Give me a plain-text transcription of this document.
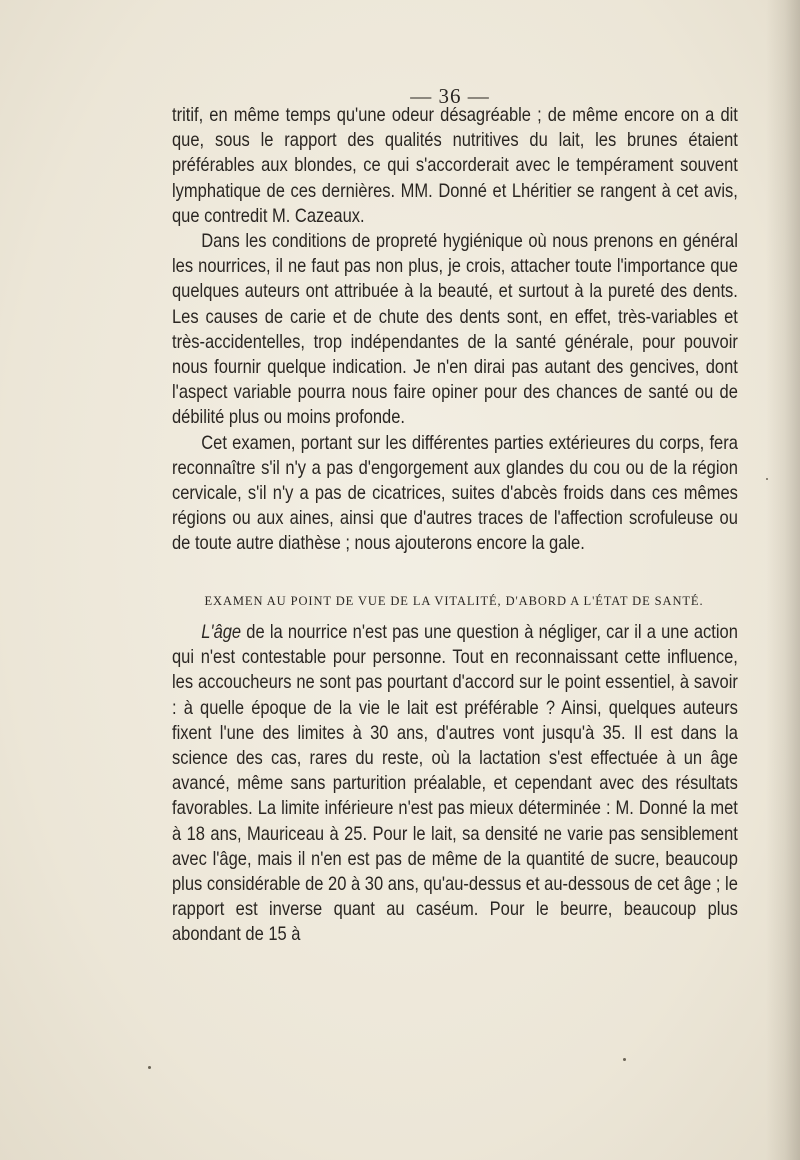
— 36 —

tritif, en même temps qu'une odeur désagréable ; de même encore on a dit que, sous le rapport des qualités nutritives du lait, les brunes étaient préférables aux blondes, ce qui s'accorderait avec le tempérament souvent lymphatique de ces dernières. MM. Donné et Lhéritier se rangent à cet avis, que contredit M. Cazeaux.

Dans les conditions de propreté hygiénique où nous prenons en général les nourrices, il ne faut pas non plus, je crois, attacher toute l'importance que quelques auteurs ont attribuée à la beauté, et surtout à la pureté des dents. Les causes de carie et de chute des dents sont, en effet, très-variables et très-accidentelles, trop indépendantes de la santé générale, pour pouvoir nous fournir quelque indication. Je n'en dirai pas autant des gencives, dont l'aspect variable pourra nous faire opiner pour des chances de santé ou de débilité plus ou moins profonde.

Cet examen, portant sur les différentes parties extérieures du corps, fera reconnaître s'il n'y a pas d'engorgement aux glandes du cou ou de la région cervicale, s'il n'y a pas de cicatrices, suites d'abcès froids dans ces mêmes régions ou aux aines, ainsi que d'autres traces de l'affection scrofuleuse ou de toute autre diathèse ; nous ajouterons encore la gale.

EXAMEN AU POINT DE VUE DE LA VITALITÉ, D'ABORD A L'ÉTAT DE SANTÉ.

L'âge de la nourrice n'est pas une question à négliger, car il a une action qui n'est contestable pour personne. Tout en reconnaissant cette influence, les accoucheurs ne sont pas pourtant d'accord sur le point essentiel, à savoir : à quelle époque de la vie le lait est préférable ? Ainsi, quelques auteurs fixent l'une des limites à 30 ans, d'autres vont jusqu'à 35. Il est dans la science des cas, rares du reste, où la lactation s'est effectuée à un âge avancé, même sans parturition préalable, et cependant avec des résultats favorables. La limite inférieure n'est pas mieux déterminée : M. Donné la met à 18 ans, Mauriceau à 25. Pour le lait, sa densité ne varie pas sensiblement avec l'âge, mais il n'en est pas de même de la quantité de sucre, beaucoup plus considérable de 20 à 30 ans, qu'au-dessus et au-dessous de cet âge ; le rapport est inverse quant au caséum. Pour le beurre, beaucoup plus abondant de 15 à
